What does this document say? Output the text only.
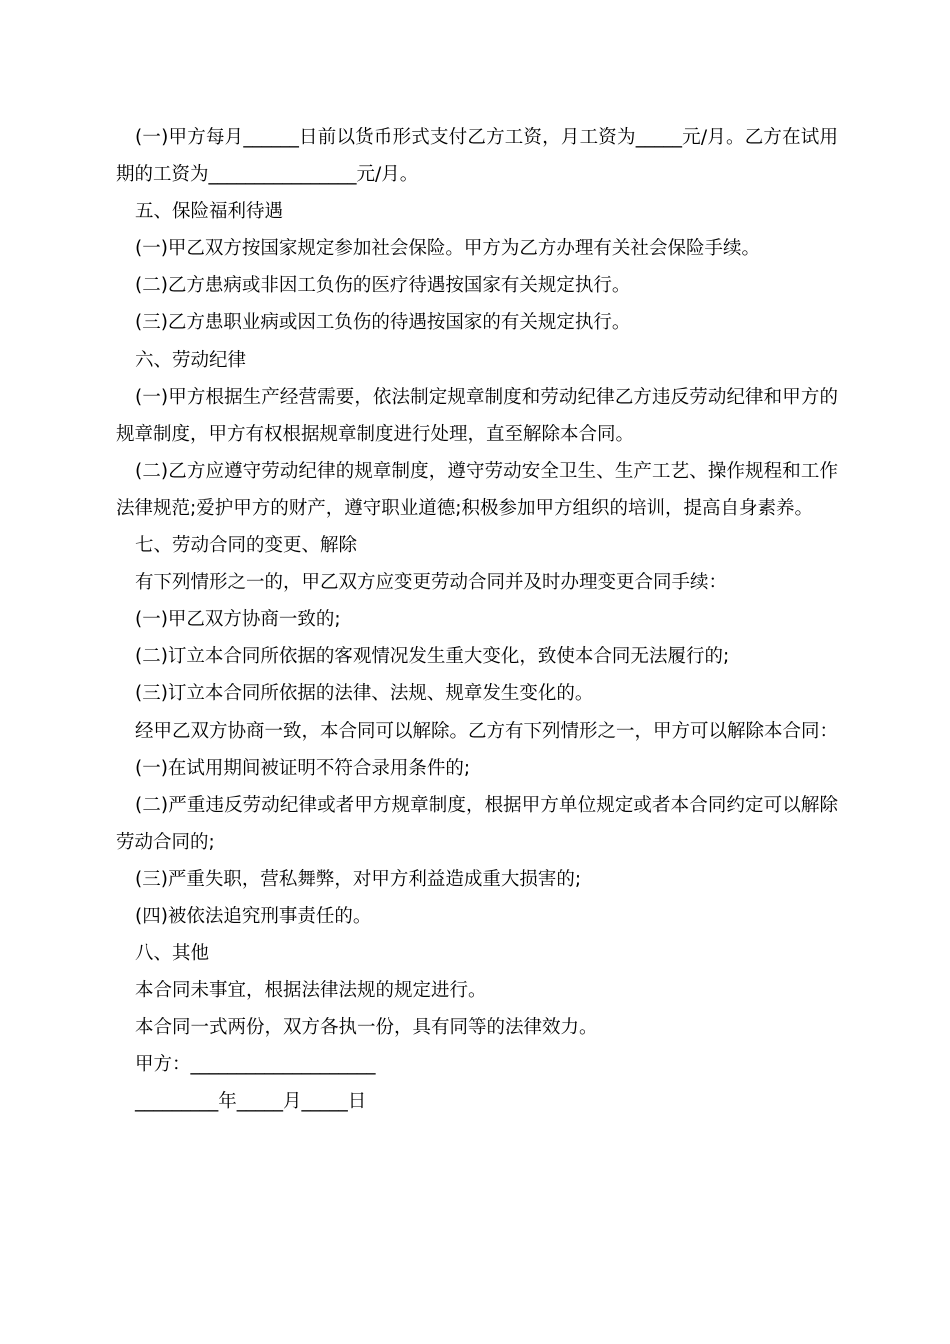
(一)甲方每月______日前以货币形式支付乙方工资，月工资为_____元/月。乙方在试用期的工资为________________元/月。

五、保险福利待遇

(一)甲乙双方按国家规定参加社会保险。甲方为乙方办理有关社会保险手续。

(二)乙方患病或非因工负伤的医疗待遇按国家有关规定执行。

(三)乙方患职业病或因工负伤的待遇按国家的有关规定执行。

六、劳动纪律

(一)甲方根据生产经营需要，依法制定规章制度和劳动纪律乙方违反劳动纪律和甲方的规章制度，甲方有权根据规章制度进行处理，直至解除本合同。

(二)乙方应遵守劳动纪律的规章制度，遵守劳动安全卫生、生产工艺、操作规程和工作法律规范;爱护甲方的财产，遵守职业道德;积极参加甲方组织的培训，提高自身素养。

七、劳动合同的变更、解除

有下列情形之一的，甲乙双方应变更劳动合同并及时办理变更合同手续：

(一)甲乙双方协商一致的;

(二)订立本合同所依据的客观情况发生重大变化，致使本合同无法履行的;

(三)订立本合同所依据的法律、法规、规章发生变化的。

经甲乙双方协商一致，本合同可以解除。乙方有下列情形之一，甲方可以解除本合同：

(一)在试用期间被证明不符合录用条件的;

(二)严重违反劳动纪律或者甲方规章制度，根据甲方单位规定或者本合同约定可以解除劳动合同的;

(三)严重失职，营私舞弊，对甲方利益造成重大损害的;

(四)被依法追究刑事责任的。

八、其他

本合同未事宜，根据法律法规的规定进行。

本合同一式两份，双方各执一份，具有同等的法律效力。

甲方：____________________

_________年_____月_____日
